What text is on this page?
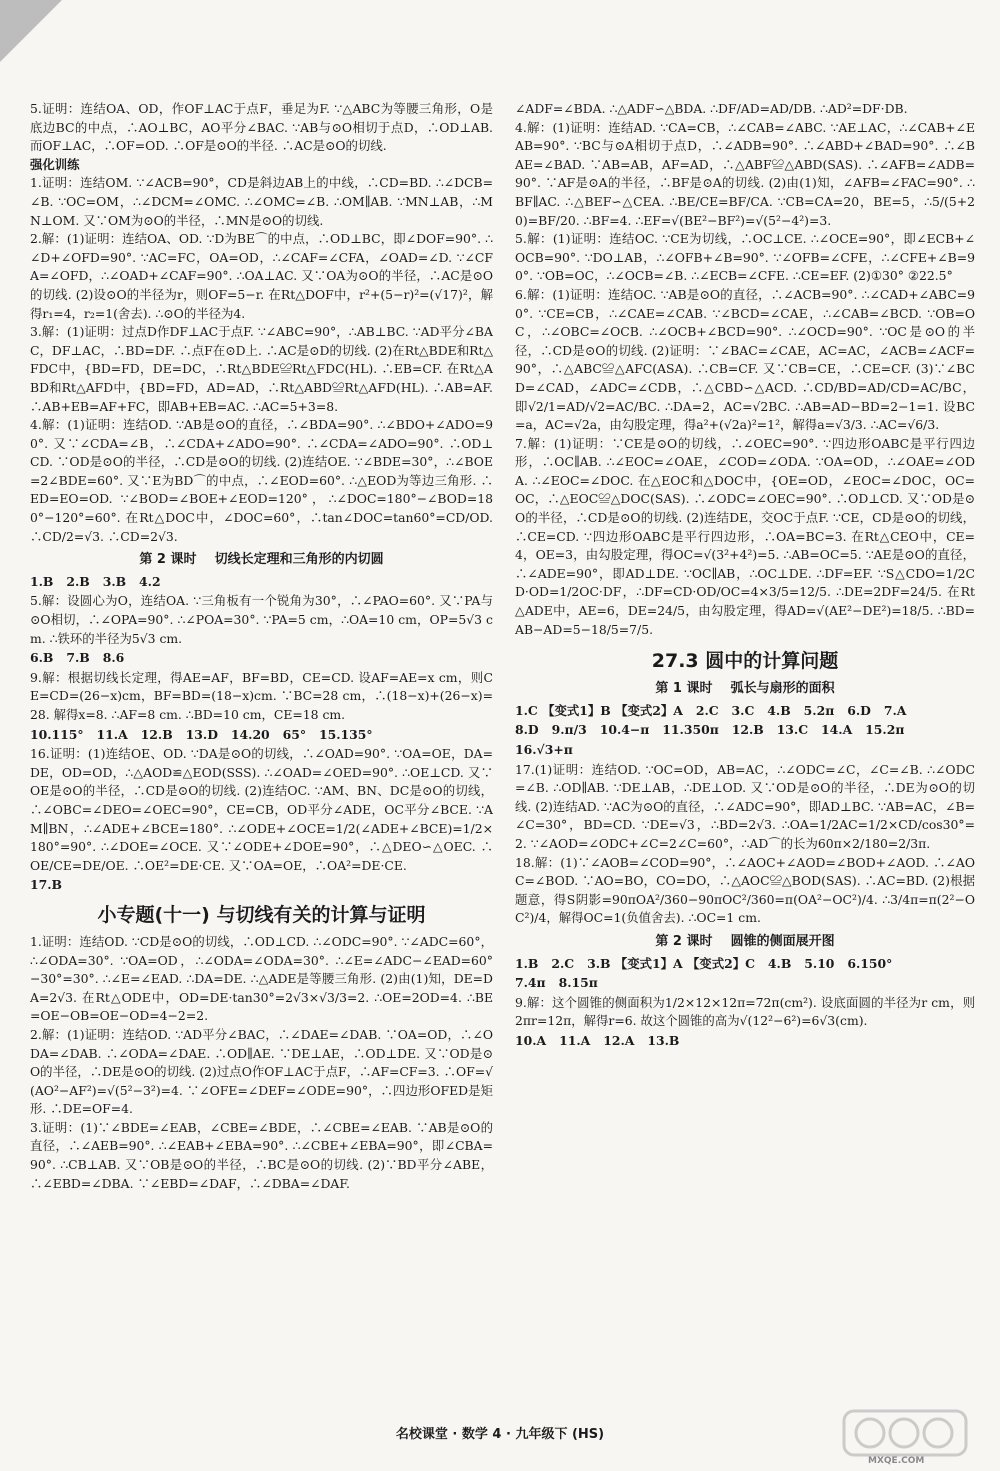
5.证明：连结OA、OD，作OF⊥AC于点F，垂足为F. ∵△ABC为等腰三角形，O是底边BC的中点，∴AO⊥BC，AO平分∠BAC. ∵AB与⊙O相切于点D，∴OD⊥AB. 而OF⊥AC，∴OF=OD. ∴OF是⊙O的半径. ∴AC是⊙O的切线.

强化训练

1.证明：连结OM. ∵∠ACB=90°，CD是斜边AB上的中线，∴CD=BD. ∴∠DCB=∠B. ∵OC=OM，∴∠DCM=∠OMC. ∴∠OMC=∠B. ∴OM∥AB. ∵MN⊥AB，∴MN⊥OM. 又∵OM为⊙O的半径，∴MN是⊙O的切线.

2.解：(1)证明：连结OA、OD. ∵D为BE⌒的中点，∴OD⊥BC，即∠DOF=90°. ∴∠D+∠OFD=90°. ∵AC=FC，OA=OD，∴∠CAF=∠CFA，∠OAD=∠D. ∵∠CFA=∠OFD，∴∠OAD+∠CAF=90°. ∴OA⊥AC. 又∵OA为⊙O的半径，∴AC是⊙O的切线. (2)设⊙O的半径为r，则OF=5−r. 在Rt△DOF中，r²+(5−r)²=(√17)²，解得r₁=4，r₂=1(舍去). ∴⊙O的半径为4.

3.解：(1)证明：过点D作DF⊥AC于点F. ∵∠ABC=90°，∴AB⊥BC. ∵AD平分∠BAC，DF⊥AC，∴BD=DF. ∴点F在⊙D上. ∴AC是⊙D的切线. (2)在Rt△BDE和Rt△FDC中，{BD=FD，DE=DC，∴Rt△BDE≌Rt△FDC(HL). ∴EB=CF. 在Rt△ABD和Rt△AFD中，{BD=FD，AD=AD，∴Rt△ABD≌Rt△AFD(HL). ∴AB=AF. ∴AB+EB=AF+FC，即AB+EB=AC. ∴AC=5+3=8.

4.解：(1)证明：连结OD. ∵AB是⊙O的直径，∴∠BDA=90°. ∴∠BDO+∠ADO=90°. 又∵∠CDA=∠B，∴∠CDA+∠ADO=90°. ∴∠CDA=∠ADO=90°. ∴OD⊥CD. ∵OD是⊙O的半径，∴CD是⊙O的切线. (2)连结OE. ∵∠BDE=30°，∴∠BOE=2∠BDE=60°. 又∵E为BD⌒的中点，∴∠EOD=60°. ∴△EOD为等边三角形. ∴ED=EO=OD. ∵∠BOD=∠BOE+∠EOD=120°，∴∠DOC=180°−∠BOD=180°−120°=60°. 在Rt△DOC中，∠DOC=60°，∴tan∠DOC=tan60°=CD/OD. ∴CD/2=√3. ∴CD=2√3.

第 2 课时    切线长定理和三角形的内切圆

1.B   2.B   3.B   4.2

5.解：设圆心为O，连结OA. ∵三角板有一个锐角为30°，∴∠PAO=60°. 又∵PA与⊙O相切，∴∠OPA=90°. ∴∠POA=30°. ∵PA=5 cm，∴OA=10 cm，OP=5√3 cm. ∴铁环的半径为5√3 cm.

6.B   7.B   8.6

9.解：根据切线长定理，得AE=AF，BF=BD，CE=CD. 设AF=AE=x cm，则CE=CD=(26−x)cm，BF=BD=(18−x)cm. ∵BC=28 cm，∴(18−x)+(26−x)=28. 解得x=8. ∴AF=8 cm. ∴BD=10 cm，CE=18 cm.

10.115°   11.A   12.B   13.D   14.20   65°   15.135°

16.证明：(1)连结OE、OD. ∵DA是⊙O的切线，∴∠OAD=90°. ∵OA=OE，DA=DE，OD=OD，∴△AOD≌△EOD(SSS). ∴∠OAD=∠OED=90°. ∴OE⊥CD. 又∵OE是⊙O的半径，∴CD是⊙O的切线. (2)连结OC. ∵AM、BN、DC是⊙O的切线，∴∠OBC=∠DEO=∠OEC=90°，CE=CB，OD平分∠ADE，OC平分∠BCE. ∵AM∥BN，∴∠ADE+∠BCE=180°. ∴∠ODE+∠OCE=1/2(∠ADE+∠BCE)=1/2×180°=90°. ∴∠DOE=∠OCE. 又∵∠ODE+∠DOE=90°，∴△DEO∽△OEC. ∴OE/CE=DE/OE. ∴OE²=DE·CE. 又∵OA=OE，∴OA²=DE·CE.

17.B

小专题(十一) 与切线有关的计算与证明

1.证明：连结OD. ∵CD是⊙O的切线，∴OD⊥CD. ∴∠ODC=90°. ∵∠ADC=60°，∴∠ODA=30°. ∵OA=OD，∴∠ODA=∠ODA=30°. ∴∠E=∠ADC−∠EAD=60°−30°=30°. ∴∠E=∠EAD. ∴DA=DE. ∴△ADE是等腰三角形. (2)由(1)知，DE=DA=2√3. 在Rt△ODE中，OD=DE·tan30°=2√3×√3/3=2. ∴OE=2OD=4. ∴BE=OE−OB=OE−OD=4−2=2.

2.解：(1)证明：连结OD. ∵AD平分∠BAC，∴∠DAE=∠DAB. ∵OA=OD，∴∠ODA=∠DAB. ∴∠ODA=∠DAE. ∴OD∥AE. ∵DE⊥AE，∴OD⊥DE. 又∵OD是⊙O的半径，∴DE是⊙O的切线. (2)过点O作OF⊥AC于点F，∴AF=CF=3. ∴OF=√(AO²−AF²)=√(5²−3²)=4. ∵∠OFE=∠DEF=∠ODE=90°，∴四边形OFED是矩形. ∴DE=OF=4.

3.证明：(1)∵∠BDE=∠EAB，∠CBE=∠BDE，∴∠CBE=∠EAB. ∵AB是⊙O的直径，∴∠AEB=90°. ∴∠EAB+∠EBA=90°. ∴∠CBE+∠EBA=90°，即∠CBA=90°. ∴CB⊥AB. 又∵OB是⊙O的半径，∴BC是⊙O的切线. (2)∵BD平分∠ABE，∴∠EBD=∠DBA. ∵∠EBD=∠DAF，∴∠DBA=∠DAF.

∠ADF=∠BDA. ∴△ADF∽△BDA. ∴DF/AD=AD/DB. ∴AD²=DF·DB.

4.解：(1)证明：连结AD. ∵CA=CB，∴∠CAB=∠ABC. ∵AE⊥AC，∴∠CAB+∠EAB=90°. ∵BC与⊙A相切于点D，∴∠ADB=90°. ∴∠ABD+∠BAD=90°. ∴∠BAE=∠BAD. ∵AB=AB，AF=AD，∴△ABF≌△ABD(SAS). ∴∠AFB=∠ADB=90°. ∵AF是⊙A的半径，∴BF是⊙A的切线. (2)由(1)知，∠AFB=∠FAC=90°. ∴BF∥AC. ∴△BEF∽△CEA. ∴BE/CE=BF/CA. ∵CB=CA=20，BE=5，∴5/(5+20)=BF/20. ∴BF=4. ∴EF=√(BE²−BF²)=√(5²−4²)=3.

5.解：(1)证明：连结OC. ∵CE为切线，∴OC⊥CE. ∴∠OCE=90°，即∠ECB+∠OCB=90°. ∵DO⊥AB，∴∠OFB+∠B=90°. ∵∠OFB=∠CFE，∴∠CFE+∠B=90°. ∵OB=OC，∴∠OCB=∠B. ∴∠ECB=∠CFE. ∴CE=EF. (2)①30° ②22.5°

6.解：(1)证明：连结OC. ∵AB是⊙O的直径，∴∠ACB=90°. ∴∠CAD+∠ABC=90°. ∵CE=CB，∴∠CAE=∠CAB. ∵∠BCD=∠CAE，∴∠CAB=∠BCD. ∵OB=OC，∴∠OBC=∠OCB. ∴∠OCB+∠BCD=90°. ∴∠OCD=90°. ∵OC是⊙O的半径，∴CD是⊙O的切线. (2)证明：∵∠BAC=∠CAE，AC=AC，∠ACB=∠ACF=90°，∴△ABC≌△AFC(ASA). ∴CB=CF. 又∵CB=CE，∴CE=CF. (3)∵∠BCD=∠CAD，∠ADC=∠CDB，∴△CBD∽△ACD. ∴CD/BD=AD/CD=AC/BC，即√2/1=AD/√2=AC/BC. ∴DA=2，AC=√2BC. ∴AB=AD−BD=2−1=1. 设BC=a，AC=√2a，由勾股定理，得a²+(√2a)²=1²，解得a=√3/3. ∴AC=√6/3.

7.解：(1)证明：∵CE是⊙O的切线，∴∠OEC=90°. ∵四边形OABC是平行四边形，∴OC∥AB. ∴∠EOC=∠OAE，∠COD=∠ODA. ∵OA=OD，∴∠OAE=∠ODA. ∴∠EOC=∠DOC. 在△EOC和△DOC中，{OE=OD，∠EOC=∠DOC，OC=OC，∴△EOC≌△DOC(SAS). ∴∠ODC=∠OEC=90°. ∴OD⊥CD. 又∵OD是⊙O的半径，∴CD是⊙O的切线. (2)连结DE，交OC于点F. ∵CE，CD是⊙O的切线，∴CE=CD. ∵四边形OABC是平行四边形，∴OA=BC=3. 在Rt△CEO中，CE=4，OE=3，由勾股定理，得OC=√(3²+4²)=5. ∴AB=OC=5. ∵AE是⊙O的直径，∴∠ADE=90°，即AD⊥DE. ∵OC∥AB，∴OC⊥DE. ∴DF=EF. ∵S△CDO=1/2CD·OD=1/2OC·DF，∴DF=CD·OD/OC=4×3/5=12/5. ∴DE=2DF=24/5. 在Rt△ADE中，AE=6，DE=24/5，由勾股定理，得AD=√(AE²−DE²)=18/5. ∴BD=AB−AD=5−18/5=7/5.

27.3 圆中的计算问题
第 1 课时    弧长与扇形的面积

1.C 【变式1】B 【变式2】A   2.C   3.C   4.B   5.2π   6.D   7.A

8.D   9.π/3   10.4−π   11.350π   12.B   13.C   14.A   15.2π

16.√3+π

17.(1)证明：连结OD. ∵OC=OD，AB=AC，∴∠ODC=∠C，∠C=∠B. ∴∠ODC=∠B. ∴OD∥AB. ∵DE⊥AB，∴DE⊥OD. 又∵OD是⊙O的半径，∴DE为⊙O的切线. (2)连结AD. ∵AC为⊙O的直径，∴∠ADC=90°，即AD⊥BC. ∵AB=AC，∠B=∠C=30°，BD=CD. ∵DE=√3，∴BD=2√3. ∴OA=1/2AC=1/2×CD/cos30°=2. ∵∠AOD=∠ODC+∠C=2∠C=60°，∴AD⌒的长为60π×2/180=2/3π.

18.解：(1)∵∠AOB=∠COD=90°，∴∠AOC+∠AOD=∠BOD+∠AOD. ∴∠AOC=∠BOD. ∵AO=BO，CO=DO，∴△AOC≌△BOD(SAS). ∴AC=BD. (2)根据题意，得S阴影=90πOA²/360−90πOC²/360=π(OA²−OC²)/4. ∴3/4π=π(2²−OC²)/4，解得OC=1(负值舍去). ∴OC=1 cm.

第 2 课时    圆锥的侧面展开图

1.B   2.C   3.B 【变式1】A 【变式2】C   4.B   5.10   6.150°

7.4π   8.15π

9.解：这个圆锥的侧面积为1/2×12×12π=72π(cm²). 设底面圆的半径为r cm，则2πr=12π，解得r=6. 故这个圆锥的高为√(12²−6²)=6√3(cm).

10.A   11.A   12.A   13.B

名校课堂 · 数学 4 · 九年级下 (HS)
MXQE.COM
